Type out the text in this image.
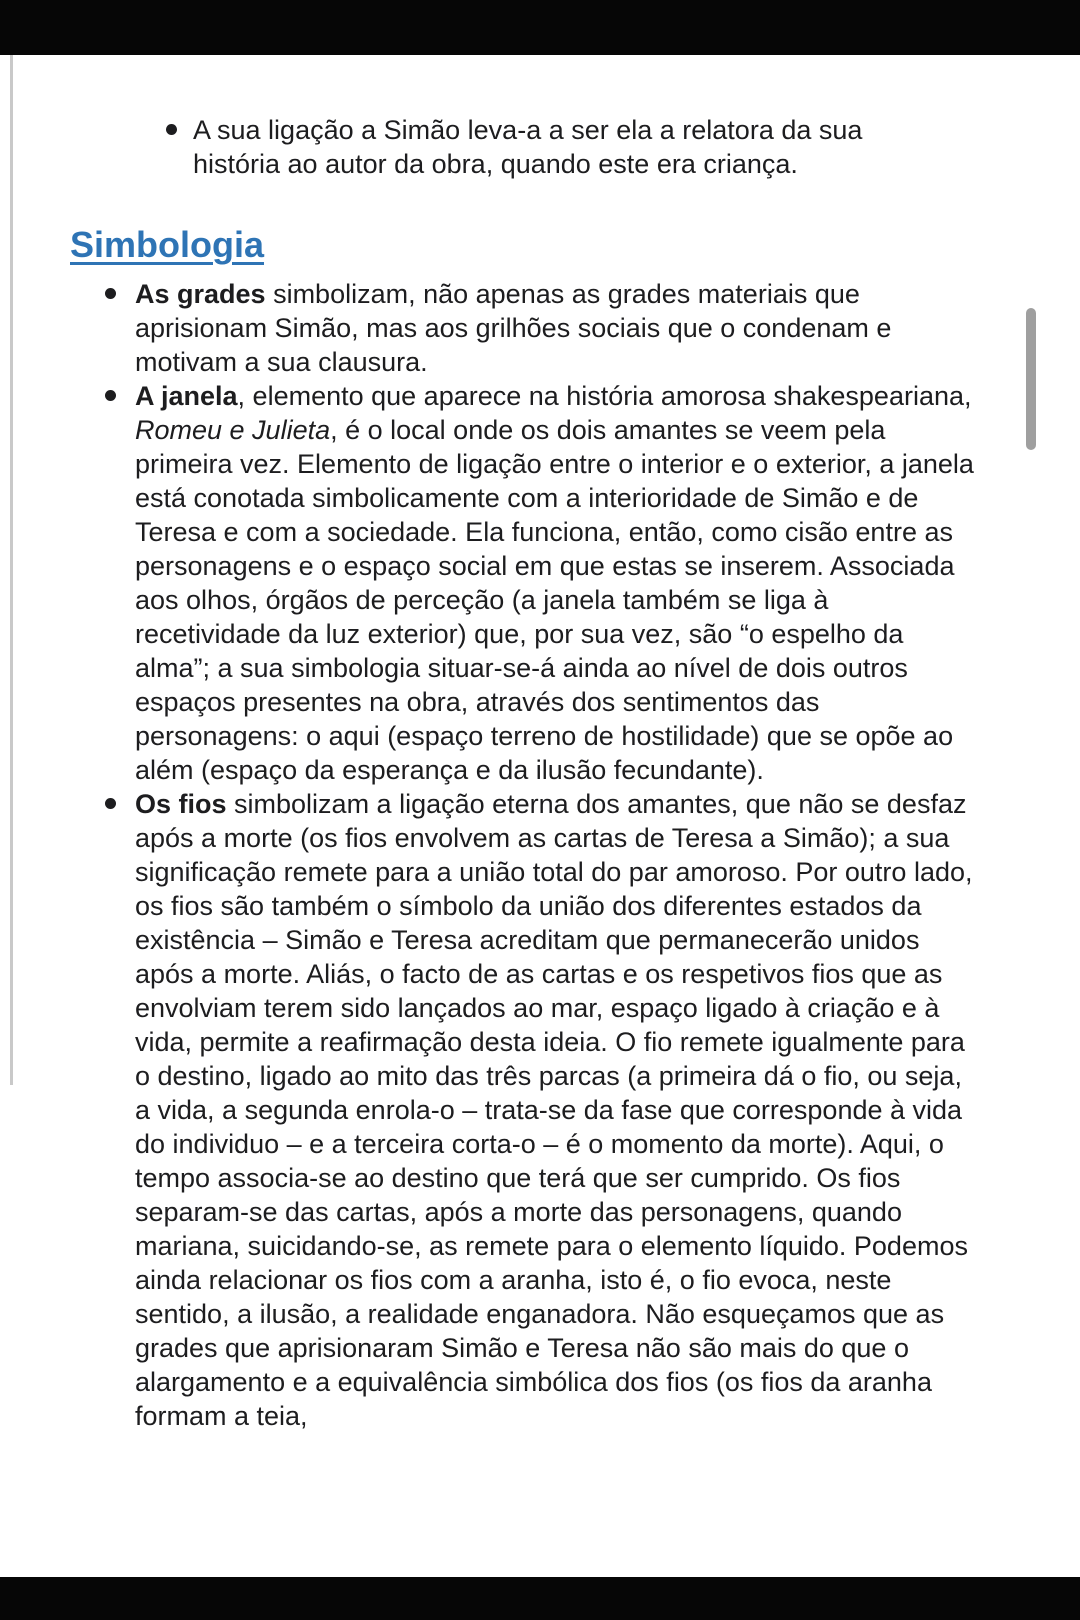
A sua ligação a Simão leva-a a ser ela a relatora da sua história ao autor da obra, quando este era criança.
Simbologia
As grades simbolizam, não apenas as grades materiais que aprisionam Simão, mas aos grilhões sociais que o condenam e motivam a sua clausura.
A janela, elemento que aparece na história amorosa shakespeariana, Romeu e Julieta, é o local onde os dois amantes se veem pela primeira vez. Elemento de ligação entre o interior e o exterior, a janela está conotada simbolicamente com a interioridade de Simão e de Teresa e com a sociedade. Ela funciona, então, como cisão entre as personagens e o espaço social em que estas se inserem. Associada aos olhos, órgãos de perceção (a janela também se liga à recetividade da luz exterior) que, por sua vez, são “o espelho da alma”; a sua simbologia situar-se-á ainda ao nível de dois outros espaços presentes na obra, através dos sentimentos das personagens: o aqui (espaço terreno de hostilidade) que se opõe ao além (espaço da esperança e da ilusão fecundante).
Os fios simbolizam a ligação eterna dos amantes, que não se desfaz após a morte (os fios envolvem as cartas de Teresa a Simão); a sua significação remete para a união total do par amoroso. Por outro lado, os fios são também o símbolo da união dos diferentes estados da existência – Simão e Teresa acreditam que permanecerão unidos após a morte. Aliás, o facto de as cartas e os respetivos fios que as envolviam terem sido lançados ao mar, espaço ligado à criação e à vida, permite a reafirmação desta ideia. O fio remete igualmente para o destino, ligado ao mito das três parcas (a primeira dá o fio, ou seja, a vida, a segunda enrola-o – trata-se da fase que corresponde à vida do individuo – e a terceira corta-o – é o momento da morte). Aqui, o tempo associa-se ao destino que terá que ser cumprido. Os fios separam-se das cartas, após a morte das personagens, quando mariana, suicidando-se, as remete para o elemento líquido. Podemos ainda relacionar os fios com a aranha, isto é, o fio evoca, neste sentido, a ilusão, a realidade enganadora. Não esqueçamos que as grades que aprisionaram Simão e Teresa não são mais do que o alargamento e a equivalência simbólica dos fios (os fios da aranha formam a teia,
